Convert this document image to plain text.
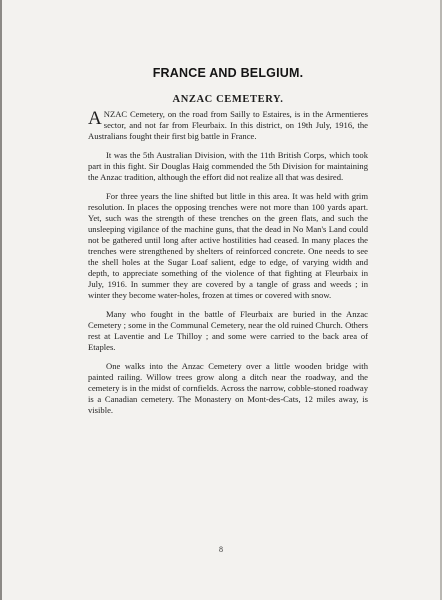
FRANCE AND BELGIUM.
ANZAC CEMETERY.

ANZAC Cemetery, on the road from Sailly to Estaires, is in the Armentieres sector, and not far from Fleurbaix. In this district, on 19th July, 1916, the Australians fought their first big battle in France.

It was the 5th Australian Division, with the 11th British Corps, which took part in this fight. Sir Douglas Haig commended the 5th Division for maintaining the Anzac tradition, although the effort did not realize all that was desired.

For three years the line shifted but little in this area. It was held with grim resolution. In places the opposing trenches were not more than 100 yards apart. Yet, such was the strength of these trenches on the green flats, and such the unsleeping vigilance of the machine guns, that the dead in No Man's Land could not be gathered until long after active hostilities had ceased. In many places the trenches were strengthened by shelters of reinforced concrete. One needs to see the shell holes at the Sugar Loaf salient, edge to edge, of varying width and depth, to appreciate something of the violence of that fighting at Fleurbaix in July, 1916. In summer they are covered by a tangle of grass and weeds ; in winter they become water-holes, frozen at times or covered with snow.

Many who fought in the battle of Fleurbaix are buried in the Anzac Cemetery ; some in the Communal Cemetery, near the old ruined Church. Others rest at Laventie and Le Thilloy ; and some were carried to the back area of Etaples.

One walks into the Anzac Cemetery over a little wooden bridge with painted railing. Willow trees grow along a ditch near the roadway, and the cemetery is in the midst of cornfields. Across the narrow, cobble-stoned roadway is a Canadian cemetery. The Monastery on Mont-des-Cats, 12 miles away, is visible.

8
